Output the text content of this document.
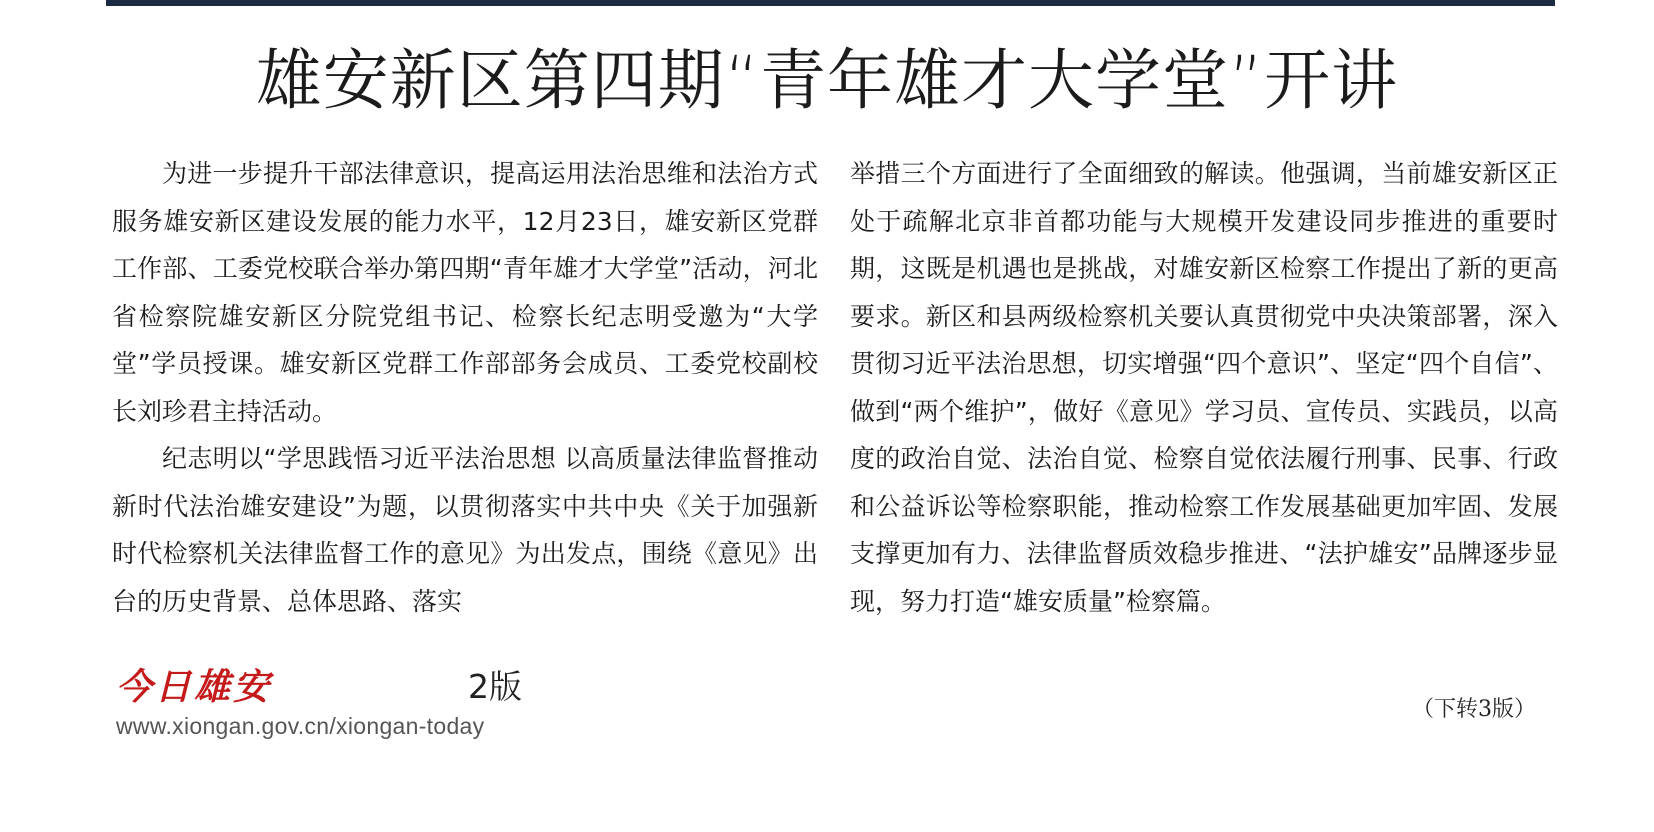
雄安新区第四期“青年雄才大学堂”开讲

为进一步提升干部法律意识，提高运用法治思维和法治方式服务雄安新区建设发展的能力水平，12月23日，雄安新区党群工作部、工委党校联合举办第四期“青年雄才大学堂”活动，河北省检察院雄安新区分院党组书记、检察长纪志明受邀为“大学堂”学员授课。雄安新区党群工作部部务会成员、工委党校副校长刘珍君主持活动。

纪志明以“学思践悟习近平法治思想 以高质量法律监督推动新时代法治雄安建设”为题，以贯彻落实中共中央《关于加强新时代检察机关法律监督工作的意见》为出发点，围绕《意见》出台的历史背景、总体思路、落实

举措三个方面进行了全面细致的解读。他强调，当前雄安新区正处于疏解北京非首都功能与大规模开发建设同步推进的重要时期，这既是机遇也是挑战，对雄安新区检察工作提出了新的更高要求。新区和县两级检察机关要认真贯彻党中央决策部署，深入贯彻习近平法治思想，切实增强“四个意识”、坚定“四个自信”、做到“两个维护”，做好《意见》学习员、宣传员、实践员，以高度的政治自觉、法治自觉、检察自觉依法履行刑事、民事、行政和公益诉讼等检察职能，推动检察工作发展基础更加牢固、发展支撑更加有力、法律监督质效稳步推进、“法护雄安”品牌逐步显现，努力打造“雄安质量”检察篇。

今日雄安	2版
www.xiongan.gov.cn/xiongan-today
（下转3版）
